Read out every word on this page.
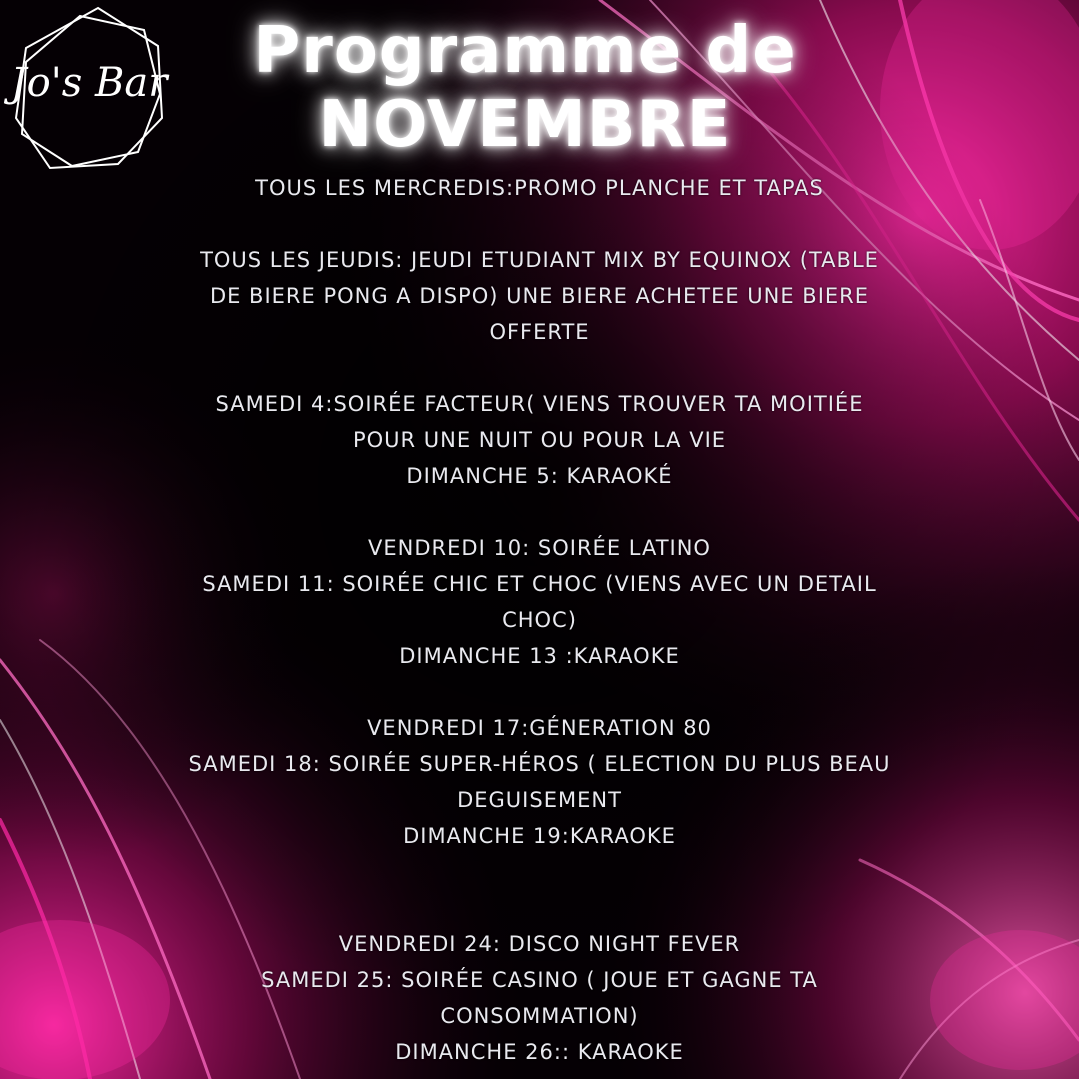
Jo's Bar	Programme de
NOVEMBRE
TOUS LES MERCREDIS:PROMO PLANCHE ET TAPAS
TOUS LES JEUDIS: JEUDI ETUDIANT MIX BY EQUINOX (TABLE
DE BIERE PONG A DISPO) UNE BIERE ACHETEE UNE BIERE
OFFERTE
SAMEDI 4:SOIRÉE FACTEUR( VIENS TROUVER TA MOITIÉE
POUR UNE NUIT OU POUR LA VIE
DIMANCHE 5: KARAOKÉ
VENDREDI 10: SOIRÉE LATINO
SAMEDI 11: SOIRÉE CHIC ET CHOC (VIENS AVEC UN DETAIL
CHOC)
DIMANCHE 13 :KARAOKE
VENDREDI 17:GÉNERATION 80
SAMEDI 18: SOIRÉE SUPER-HÉROS ( ELECTION DU PLUS BEAU
DEGUISEMENT
DIMANCHE 19:KARAOKE
VENDREDI 24: DISCO NIGHT FEVER
SAMEDI 25: SOIRÉE CASINO ( JOUE ET GAGNE TA
CONSOMMATION)
DIMANCHE 26:: KARAOKE
